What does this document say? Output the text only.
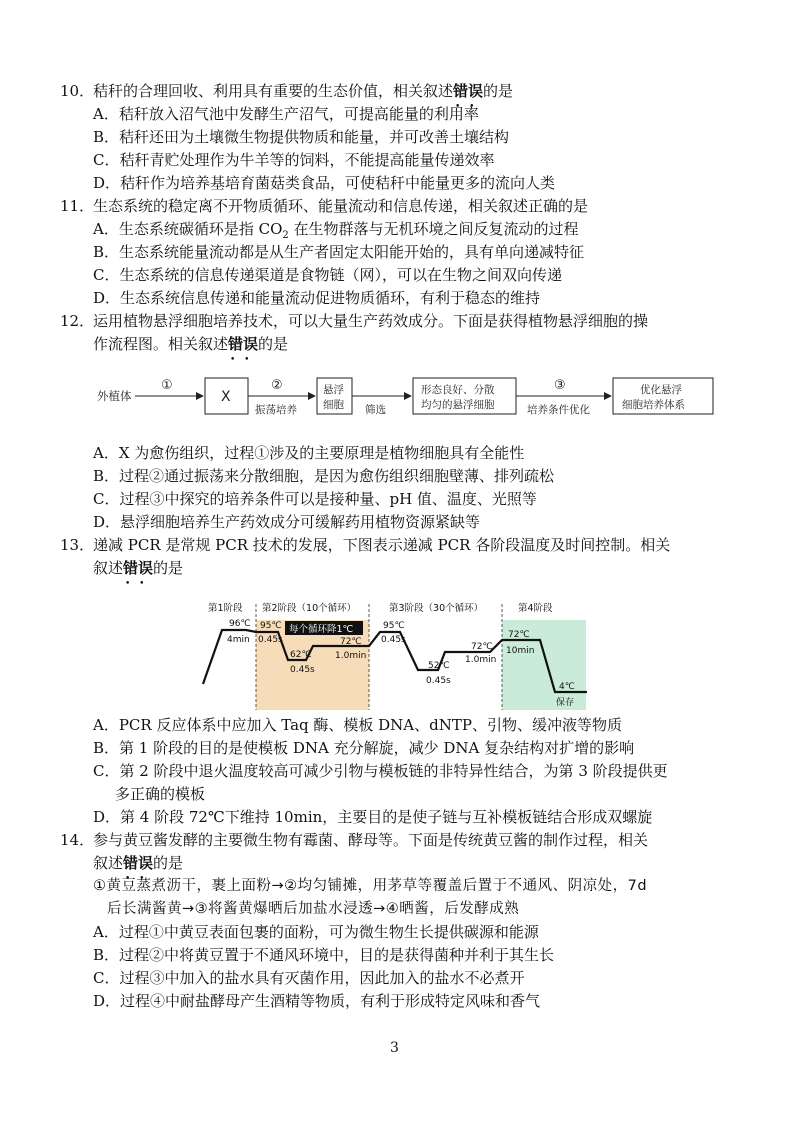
10．秸秆的合理回收、利用具有重要的生态价值，相关叙述错误 • •的是
A．秸秆放入沼气池中发酵生产沼气，可提高能量的利用率
B．秸秆还田为土壤微生物提供物质和能量，并可改善土壤结构
C．秸秆青贮处理作为牛羊等的饲料，不能提高能量传递效率
D．秸秆作为培养基培育菌菇类食品，可使秸秆中能量更多的流向人类
11．生态系统的稳定离不开物质循环、能量流动和信息传递，相关叙述正确的是
A．生态系统碳循环是指 $CO_2$ 在生物群落与无机环境之间反复流动的过程
B．生态系统能量流动都是从生产者固定太阳能开始的，具有单向递减特征
C．生态系统的信息传递渠道是食物链（网），可以在生物之间双向传递
D．生态系统信息传递和能量流动促进物质循环，有利于稳态的维持
12．运用植物悬浮细胞培养技术，可以大量生产药效成分。下面是获得植物悬浮细胞的操
作流程图。相关叙述错误 • •的是
外植体
①
X
②
振荡培养
悬浮
细胞 筛选
形态良好、分散
均匀的悬浮细胞
③
培养条件优化
优化悬浮
细胞培养体系
A．X 为愈伤组织，过程①涉及的主要原理是植物细胞具有全能性
B．过程②通过振荡来分散细胞，是因为愈伤组织细胞壁薄、排列疏松
C．过程③中探究的培养条件可以是接种量、pH 值、温度、光照等
D．悬浮细胞培养生产药效成分可缓解药用植物资源紧缺等
13．递减 PCR 是常规 PCR 技术的发展，下图表示递减 PCR 各阶段温度及时间控制。相关
叙述错误 • •的是
第1阶段 第2阶段（10个循环）	第3阶段（30个循环）	第4阶段
96℃
4min
95℃
0.45s
每个循环降1℃
62℃
0.45s
72℃
1.0min
95℃
0.45s
52℃
0.45s
72℃
1.0min
72℃
10min
4℃
保存
A．PCR 反应体系中应加入 Taq 酶、模板 DNA、dNTP、引物、缓冲液等物质
B．第 1 阶段的目的是使模板 DNA 充分解旋，减少 DNA 复杂结构对扩增的影响
C．第 2 阶段中退火温度较高可减少引物与模板链的非特异性结合，为第 3 阶段提供更
多正确的模板
D．第 4 阶段 72℃下维持 10min，主要目的是使子链与互补模板链结合形成双螺旋
14．参与黄豆酱发酵的主要微生物有霉菌、酵母等。下面是传统黄豆酱的制作过程，相关
叙述错误 • •的是
①黄豆蒸煮沥干，裹上面粉→②均匀铺摊，用茅草等覆盖后置于不通风、阴凉处，7d
后长满酱黄→③将酱黄爆晒后加盐水浸透→④晒酱，后发酵成熟
A．过程①中黄豆表面包裹的面粉，可为微生物生长提供碳源和能源
B．过程②中将黄豆置于不通风环境中，目的是获得菌种并利于其生长
C．过程③中加入的盐水具有灭菌作用，因此加入的盐水不必煮开
D．过程④中耐盐酵母产生酒精等物质，有利于形成特定风味和香气
3
